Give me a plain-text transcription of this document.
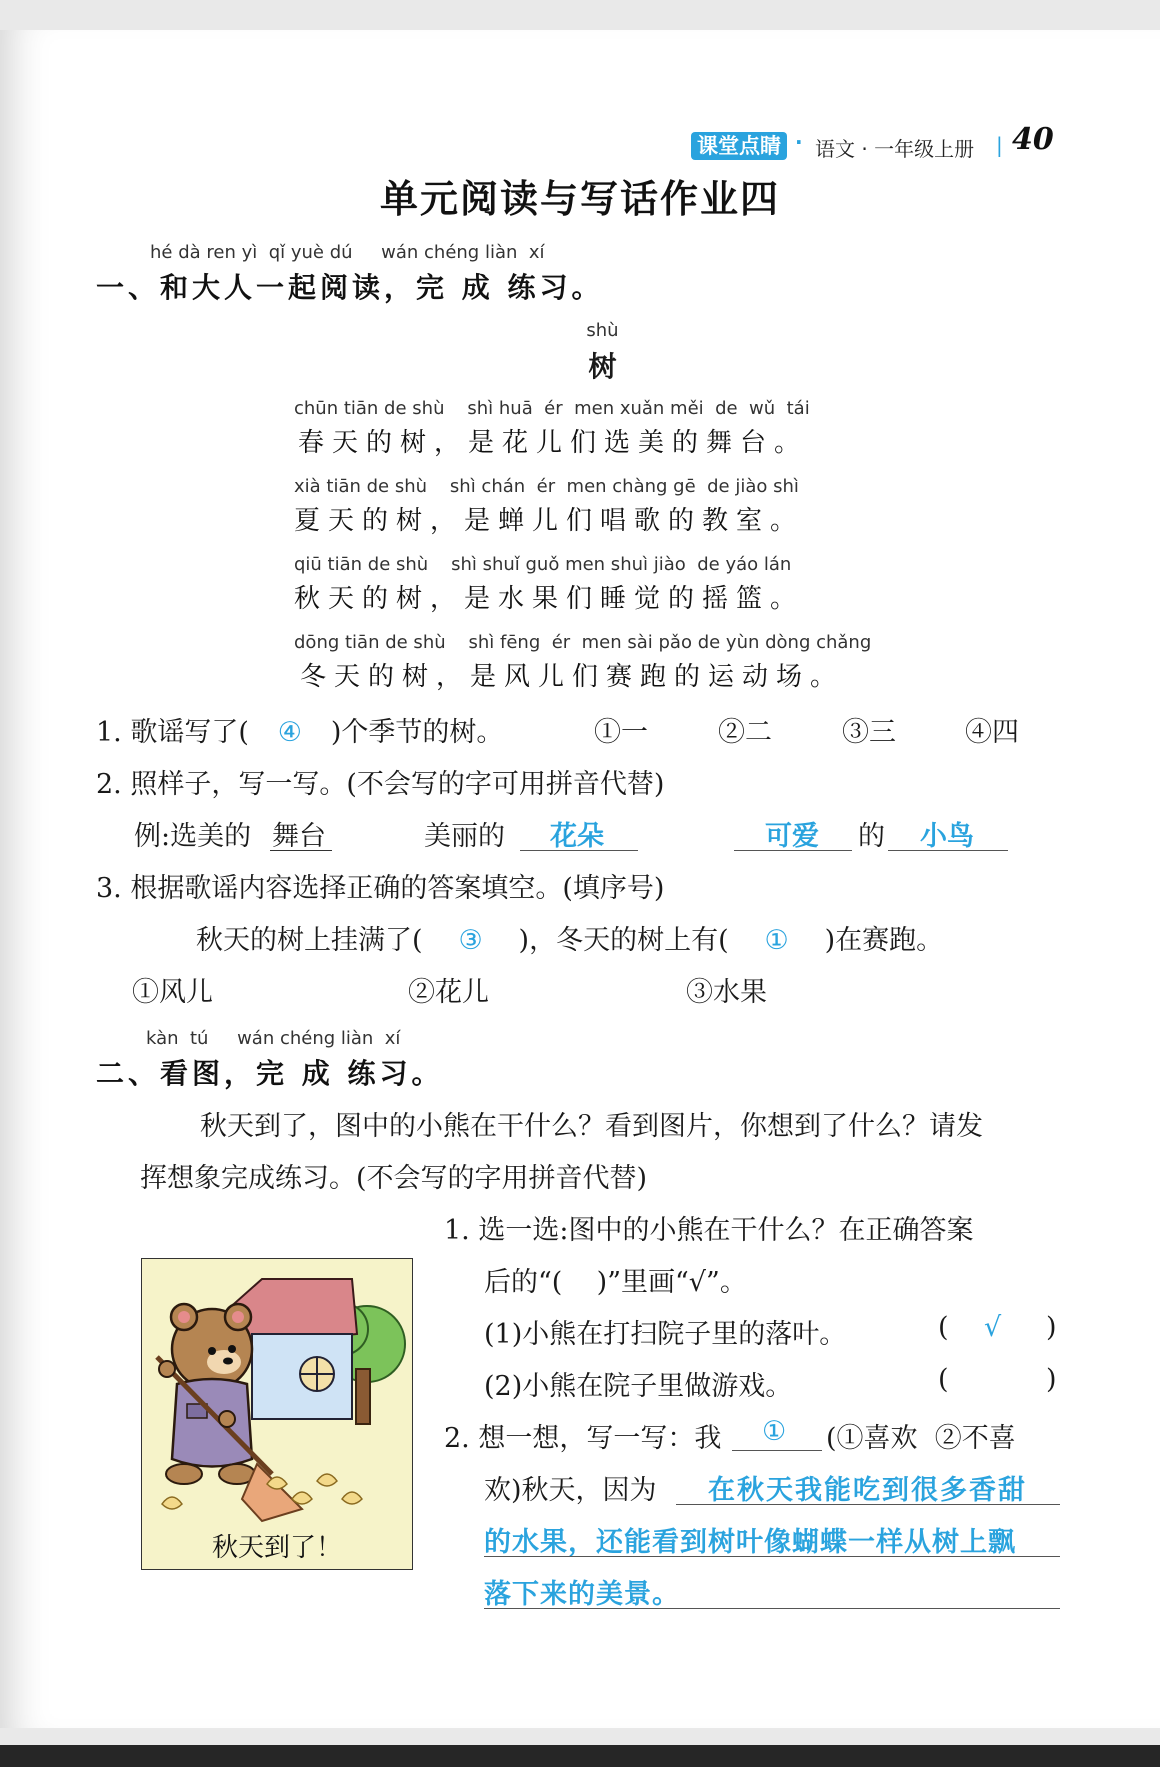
课堂点睛 · 语文 · 一年级上册 | 40
单元阅读与写话作业四
hé dà ren yì  qǐ yuè dú     wán chéng liàn  xí
一、和大人一起阅读，完 成 练习。
shù
树
chūn tiān de shù    shì huā  ér  men xuǎn měi  de  wǔ  tái
春天的树，是花儿们选美的舞台。
xià tiān de shù    shì chán  ér  men chàng gē  de jiào shì
夏天的树，是蝉儿们唱歌的教室。
qiū tiān de shù    shì shuǐ guǒ men shuì jiào  de yáo lán
秋天的树，是水果们睡觉的摇篮。
dōng tiān de shù    shì fēng  ér  men sài pǎo de yùn dòng chǎng
冬天的树，是风儿们赛跑的运动场。
1. 歌谣写了( ④ )个季节的树。	①一	②二	③三	④四
2. 照样子，写一写。(不会写的字可用拼音代替)
例:选美的 舞台	美丽的 花朵	可爱 的 小鸟
3. 根据歌谣内容选择正确的答案填空。(填序号)
秋天的树上挂满了( ③ )，冬天的树上有( ① )在赛跑。
①风儿	②花儿	③水果
kàn  tú     wán chéng liàn  xí
二、看图，完 成 练习。
秋天到了，图中的小熊在干什么？看到图片，你想到了什么？请发
挥想象完成练习。(不会写的字用拼音代替)
秋天到了！
1. 选一选:图中的小熊在干什么？在正确答案
后的“(    )”里画“√”。
(1)小熊在打扫院子里的落叶。	( √ )
(2)小熊在院子里做游戏。	(	)
2. 想一想，写一写：我 ① (①喜欢  ②不喜
欢)秋天，因为 在秋天我能吃到很多香甜
的水果，还能看到树叶像蝴蝶一样从树上飘
落下来的美景。
